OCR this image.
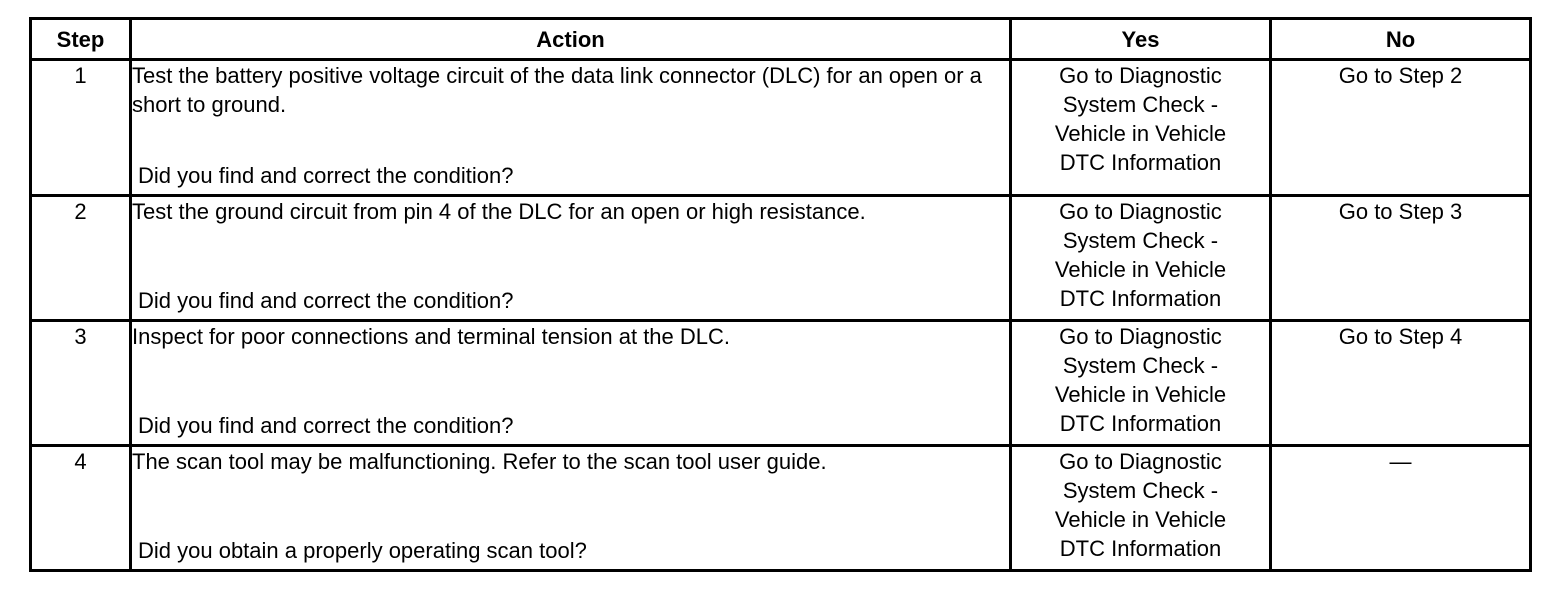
Step	Action	Yes	No
1	Test the battery positive voltage circuit of the data link connector (DLC) for an open or a short to ground.
Did you find and correct the condition?	Go to Diagnostic
System Check -
Vehicle in Vehicle
DTC Information	Go to Step 2
2	Test the ground circuit from pin 4 of the DLC for an open or high resistance.
Did you find and correct the condition?	Go to Diagnostic
System Check -
Vehicle in Vehicle
DTC Information	Go to Step 3
3	Inspect for poor connections and terminal tension at the DLC.
Did you find and correct the condition?	Go to Diagnostic
System Check -
Vehicle in Vehicle
DTC Information	Go to Step 4
4	The scan tool may be malfunctioning. Refer to the scan tool user guide.
Did you obtain a properly operating scan tool?	Go to Diagnostic
System Check -
Vehicle in Vehicle
DTC Information	—
